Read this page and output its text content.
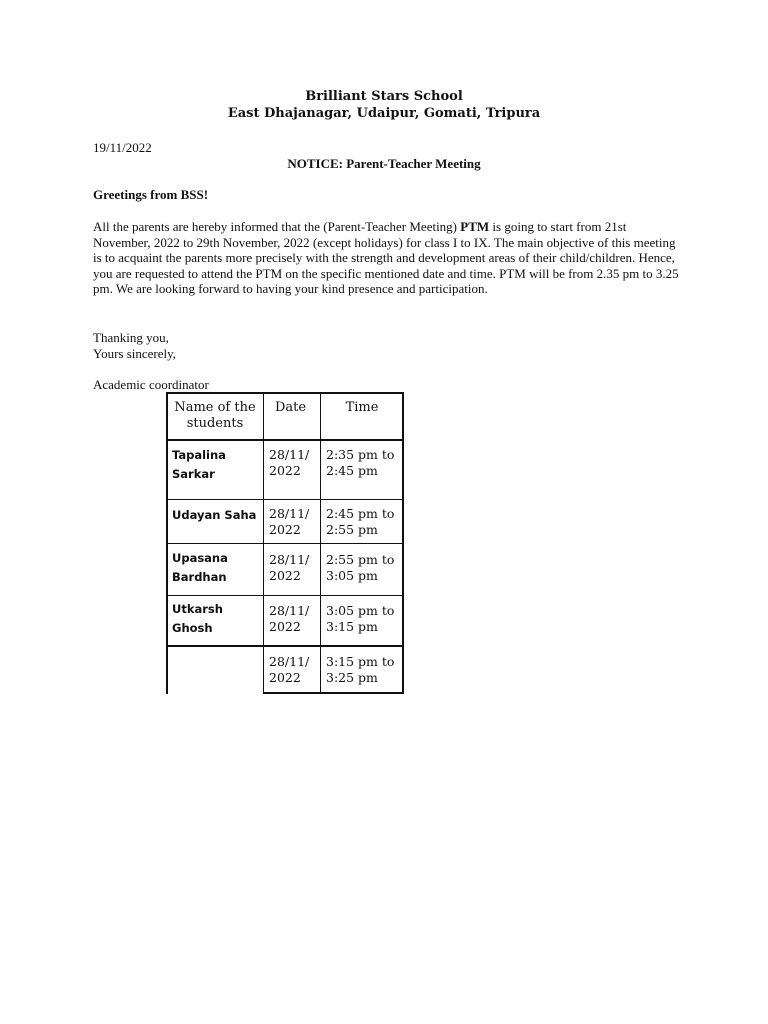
Brilliant Stars School
East Dhajanagar, Udaipur, Gomati, Tripura
19/11/2022
NOTICE: Parent-Teacher Meeting
Greetings from BSS!
All the parents are hereby informed that the (Parent-Teacher Meeting) PTM is going to start from 21st November, 2022 to 29th November, 2022 (except holidays) for class I to IX. The main objective of this meeting is to acquaint the parents more precisely with the strength and development areas of their child/children. Hence, you are requested to attend the PTM on the specific mentioned date and time. PTM will be from 2.35 pm to 3.25 pm. We are looking forward to having your kind presence and participation.
Thanking you,
Yours sincerely,
Academic coordinator
Name of the students
Date	Time
Tapalina Sarkar
28/11/ 2022
2:35 pm to 2:45 pm
Udayan Saha	28/11/ 2022
2:45 pm to 2:55 pm
Upasana Bardhan
28/11/ 2022
2:55 pm to 3:05 pm
Utkarsh Ghosh
28/11/ 2022
3:05 pm to 3:15 pm
28/11/ 2022
3:15 pm to 3:25 pm
